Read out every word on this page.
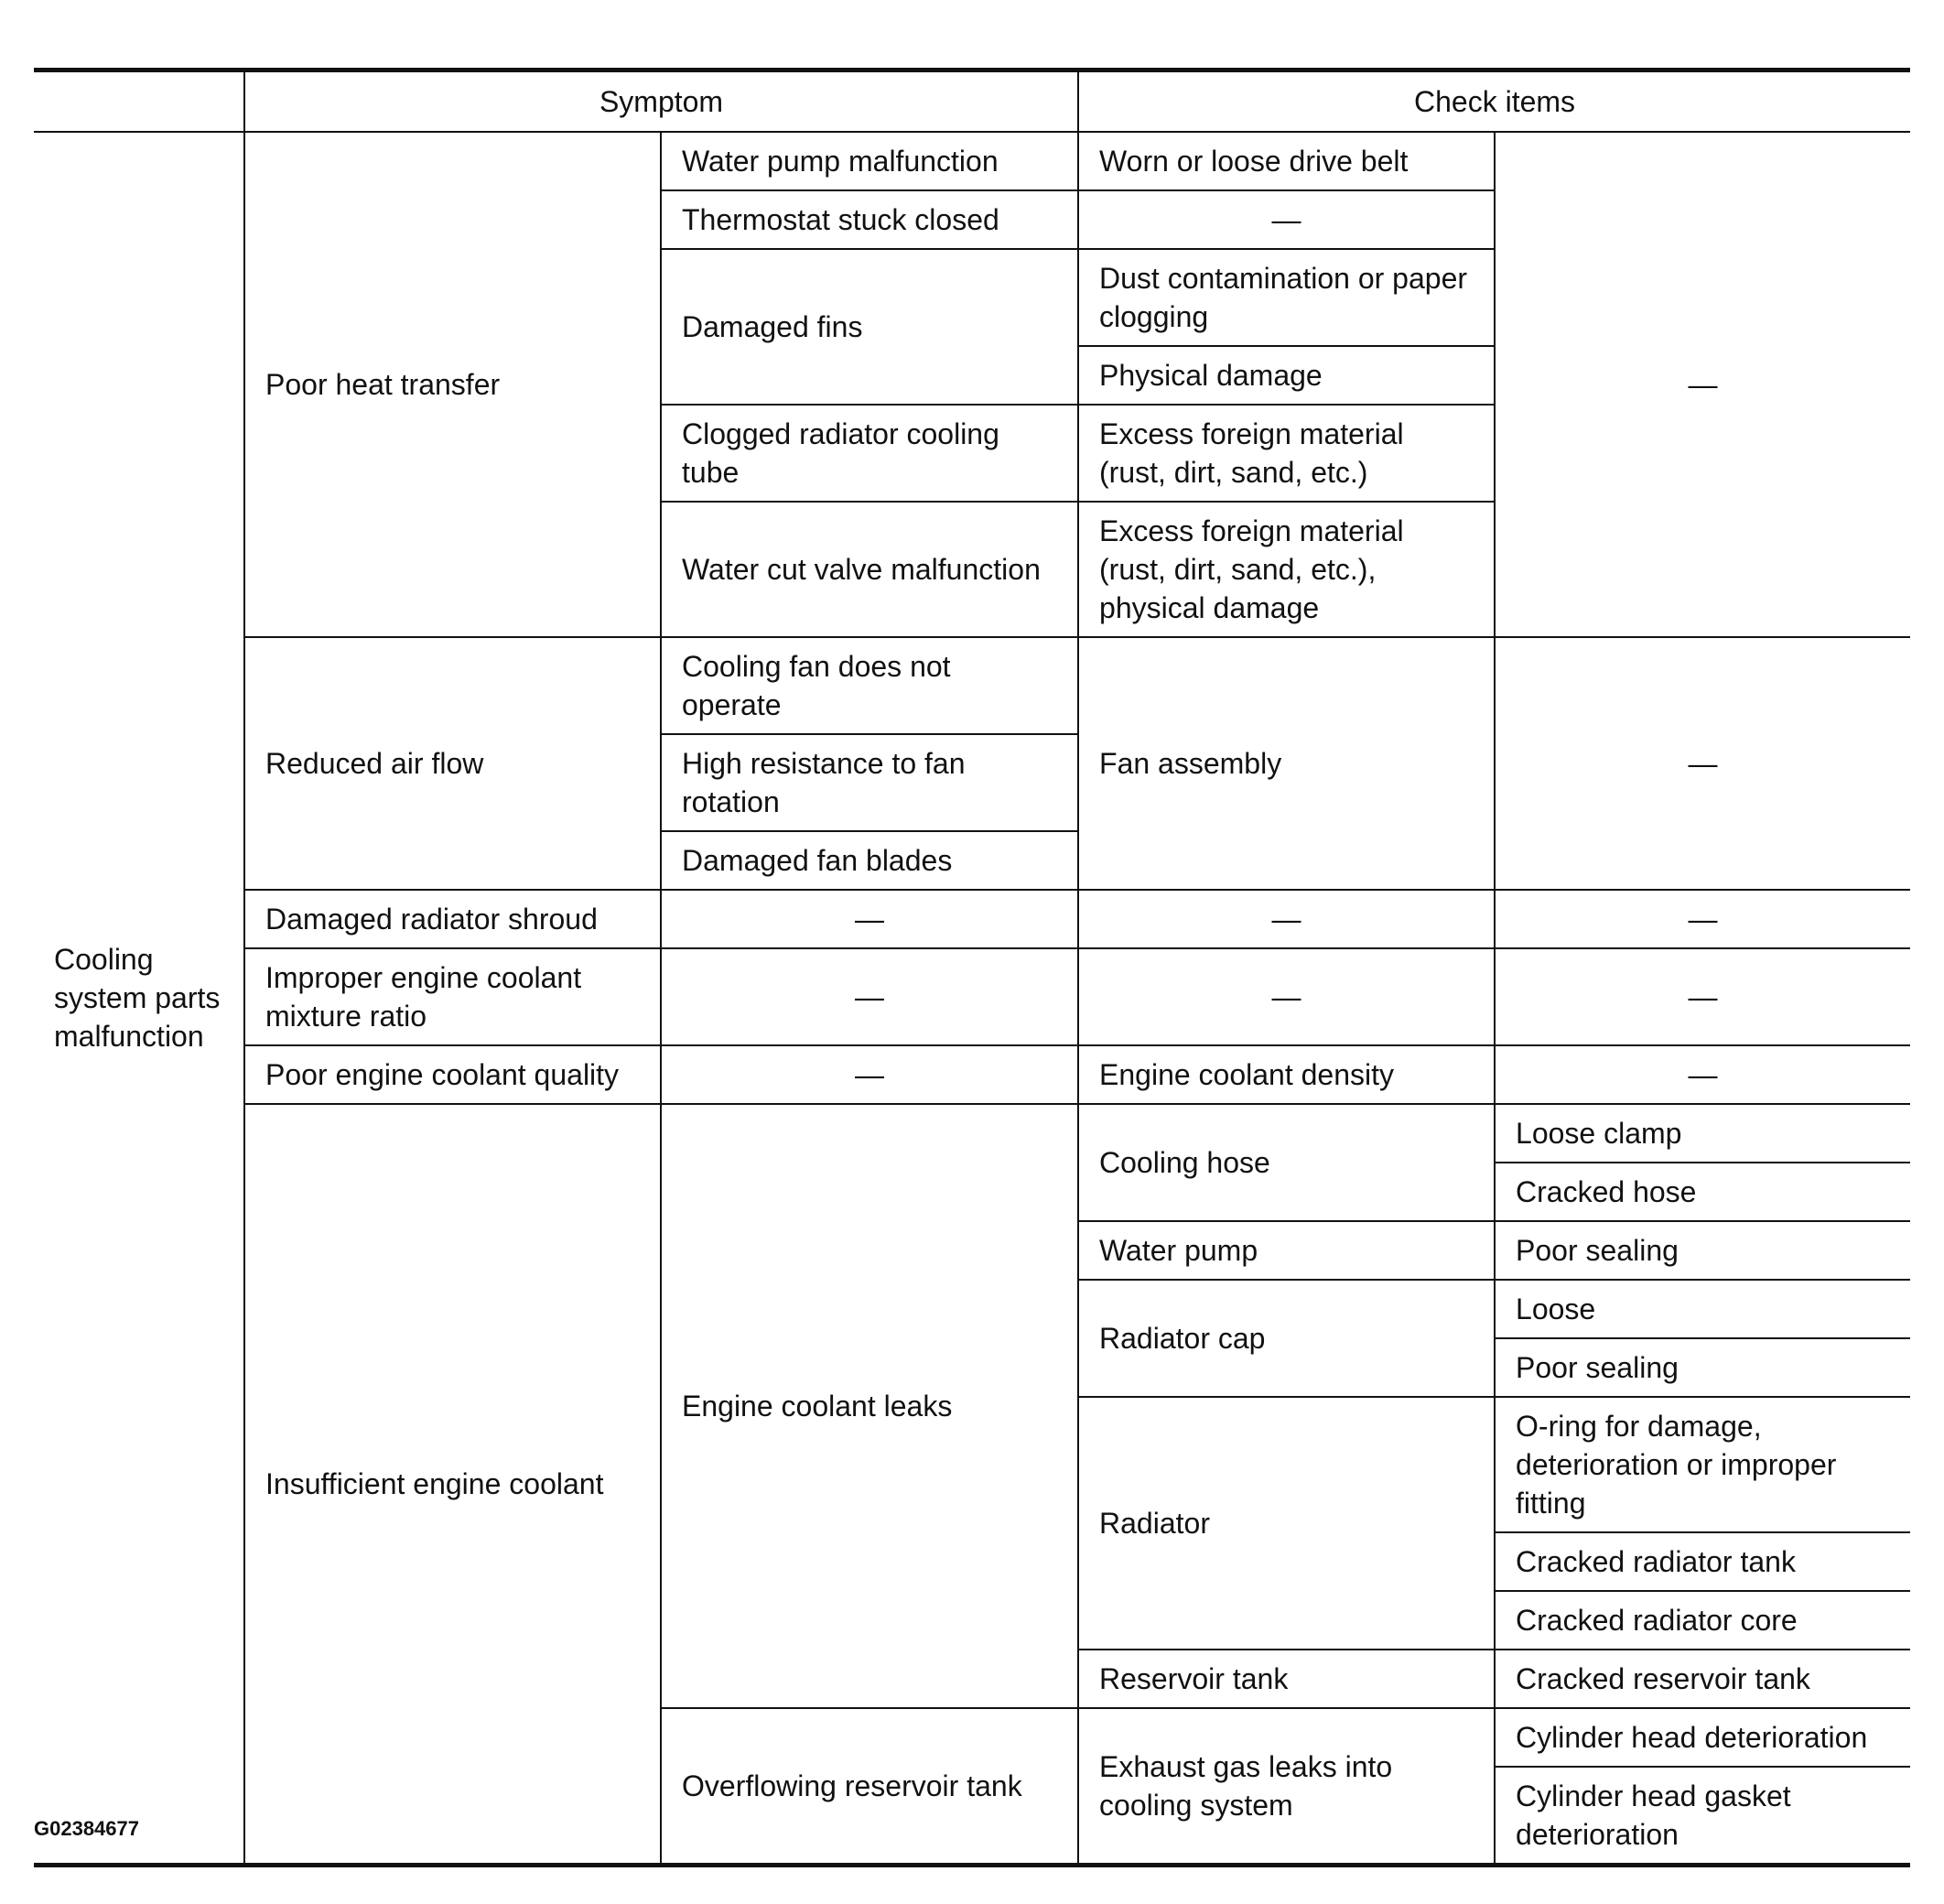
	Symptom		Check items	
Cooling system parts malfunction	Poor heat transfer	Water pump malfunction	Worn or loose drive belt	—
		Thermostat stuck closed	—	
		Damaged fins	Dust contamination or paper clogging	
			Physical damage	
		Clogged radiator cooling tube	Excess foreign material (rust, dirt, sand, etc.)	
		Water cut valve malfunction	Excess foreign material (rust, dirt, sand, etc.), physical damage	
	Reduced air flow	Cooling fan does not operate	Fan assembly	—
		High resistance to fan rotation		
		Damaged fan blades		
	Damaged radiator shroud	—	—	—
	Improper engine coolant mixture ratio	—	—	—
	Poor engine coolant quality	—	Engine coolant density	—
	Insufficient engine coolant	Engine coolant leaks	Cooling hose	Loose clamp
				Cracked hose
			Water pump	Poor sealing
			Radiator cap	Loose
				Poor sealing
			Radiator	O-ring for damage, deterioration or improper fitting
				Cracked radiator tank
				Cracked radiator core
			Reservoir tank	Cracked reservoir tank
		Overflowing reservoir tank	Exhaust gas leaks into cooling system	Cylinder head deterioration
				Cylinder head gasket deterioration
G02384677
